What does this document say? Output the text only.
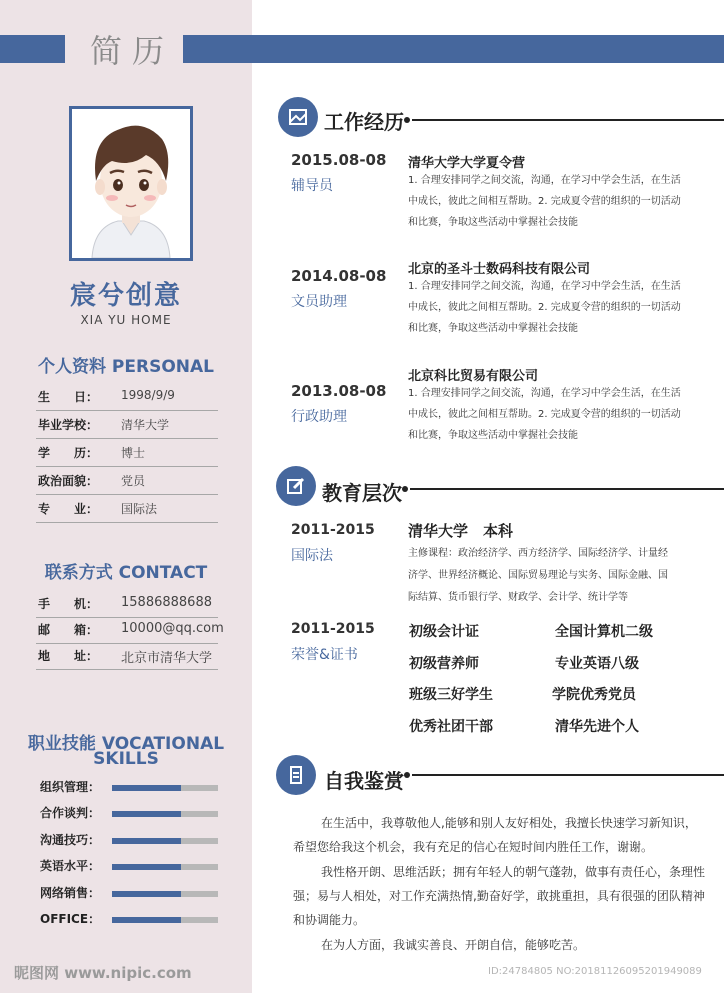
简历
宸兮创意
XIA YU HOME
个人资料 PERSONAL
生　　日：	1998/9/9
毕业学校：	清华大学
学　　历：	博士
政治面貌：	党员
专　　业：	国际法
联系方式 CONTACT
手　　机：	15886888688
邮　　箱：	10000@qq.com
地　　址：	北京市清华大学
职业技能 VOCATIONAL
SKILLS
组织管理：
合作谈判：
沟通技巧：
英语水平：
网络销售：
OFFICE：
昵图网 www.nipic.com
工作经历
2015.08-08
辅导员
清华大学大学夏令营
1. 合理安排同学之间交流，沟通，在学习中学会生活，在生活
中成长，彼此之间相互帮助。2. 完成夏令营的组织的一切活动
和比赛，争取这些活动中掌握社会技能
2014.08-08
文员助理
北京的圣斗士数码科技有限公司
1. 合理安排同学之间交流，沟通，在学习中学会生活，在生活
中成长，彼此之间相互帮助。2. 完成夏令营的组织的一切活动
和比赛，争取这些活动中掌握社会技能
2013.08-08
行政助理
北京科比贸易有限公司
1. 合理安排同学之间交流，沟通，在学习中学会生活，在生活
中成长，彼此之间相互帮助。2. 完成夏令营的组织的一切活动
和比赛，争取这些活动中掌握社会技能
教育层次
2011-2015
国际法
清华大学　本科
主修课程：政治经济学、西方经济学、国际经济学、计量经
济学、世界经济概论、国际贸易理论与实务、国际金融、国
际结算、货币银行学、财政学、会计学、统计学等
2011-2015
荣誉&证书
初级会计证	全国计算机二级
初级营养师	专业英语八级
班级三好学生	学院优秀党员
优秀社团干部	清华先进个人
自我鉴赏
在生活中，我尊敬他人,能够和别人友好相处，我擅长快速学习新知识，希望您给我这个机会，我有充足的信心在短时间内胜任工作，谢谢。
我性格开朗、思维活跃；拥有年轻人的朝气蓬勃，做事有责任心，条理性强；易与人相处，对工作充满热情,勤奋好学，敢挑重担，具有很强的团队精神和协调能力。
在为人方面，我诚实善良、开朗自信，能够吃苦。
ID:24784805 NO:20181126095201949089
